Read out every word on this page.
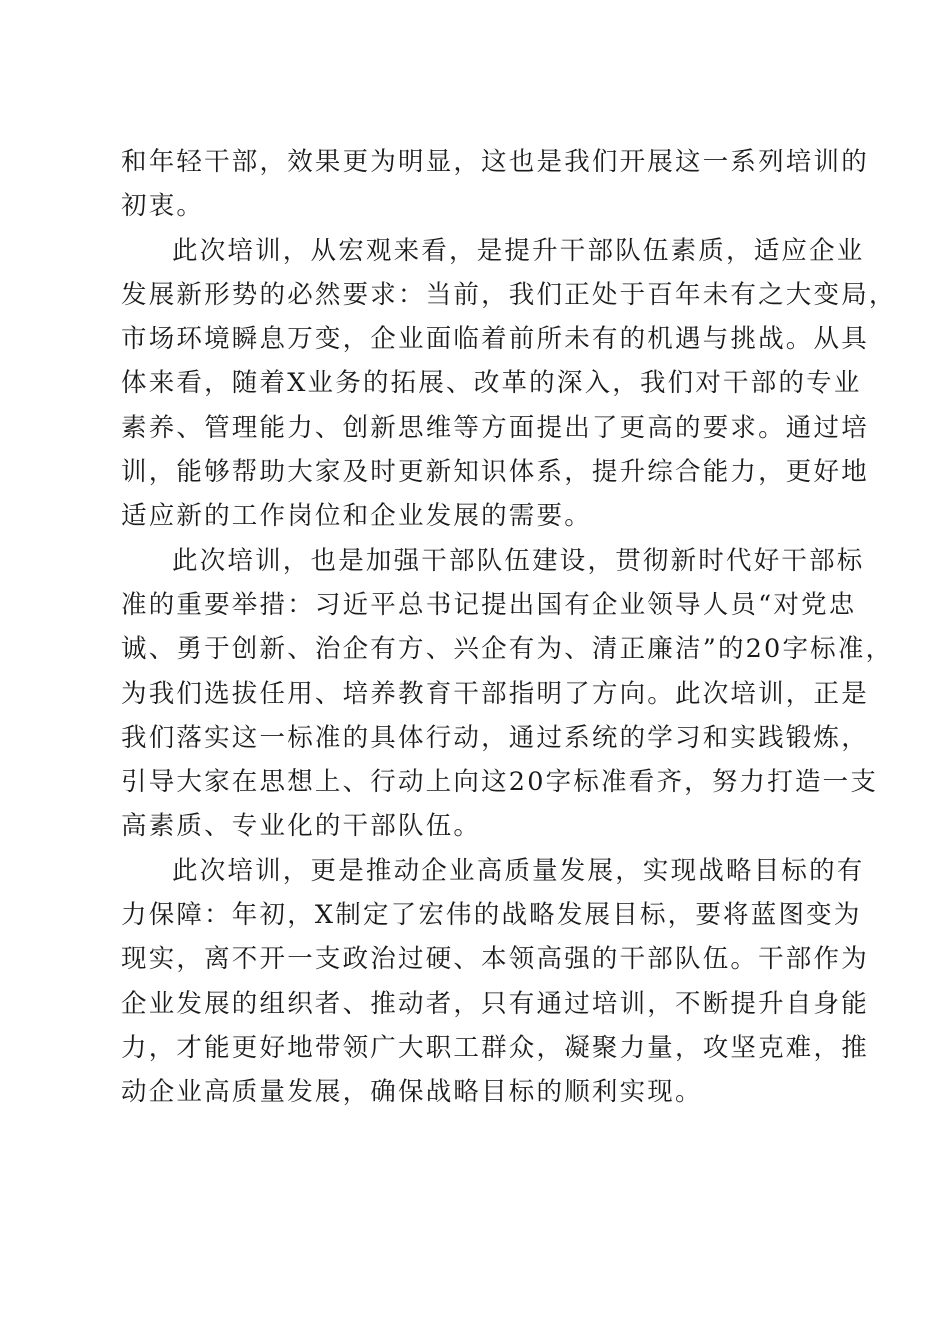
和年轻干部，效果更为明显，这也是我们开展这一系列培训的
初衷。
此次培训，从宏观来看，是提升干部队伍素质，适应企业
发展新形势的必然要求：当前，我们正处于百年未有之大变局，
市场环境瞬息万变，企业面临着前所未有的机遇与挑战。从具
体来看，随着X业务的拓展、改革的深入，我们对干部的专业
素养、管理能力、创新思维等方面提出了更高的要求。通过培
训，能够帮助大家及时更新知识体系，提升综合能力，更好地
适应新的工作岗位和企业发展的需要。
此次培训，也是加强干部队伍建设，贯彻新时代好干部标
准的重要举措：习近平总书记提出国有企业领导人员“对党忠
诚、勇于创新、治企有方、兴企有为、清正廉洁”的20字标准，
为我们选拔任用、培养教育干部指明了方向。此次培训，正是
我们落实这一标准的具体行动，通过系统的学习和实践锻炼，
引导大家在思想上、行动上向这20字标准看齐，努力打造一支
高素质、专业化的干部队伍。
此次培训，更是推动企业高质量发展，实现战略目标的有
力保障：年初，X制定了宏伟的战略发展目标，要将蓝图变为
现实，离不开一支政治过硬、本领高强的干部队伍。干部作为
企业发展的组织者、推动者，只有通过培训，不断提升自身能
力，才能更好地带领广大职工群众，凝聚力量，攻坚克难，推
动企业高质量发展，确保战略目标的顺利实现。
